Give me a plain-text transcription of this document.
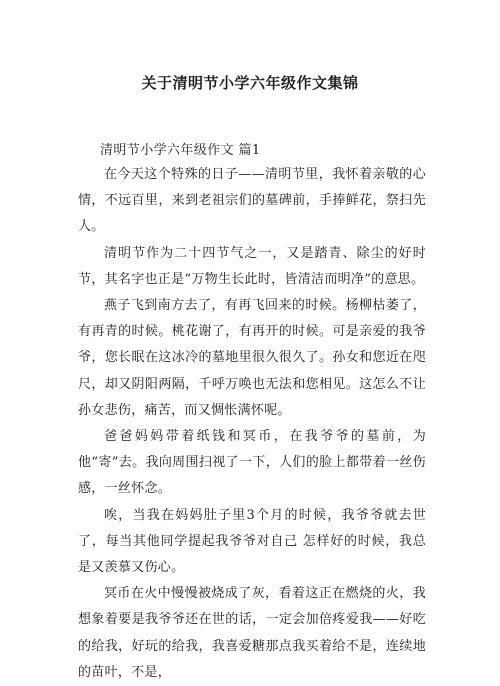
关于清明节小学六年级作文集锦
清明节小学六年级作文 篇1

在今天这个特殊的日子——清明节里，我怀着亲敬的心情，不远百里，来到老祖宗们的墓碑前，手捧鲜花，祭扫先人。

清明节作为二十四节气之一，又是踏青、除尘的好时节，其名字也正是“万物生长此时，皆清洁而明净”的意思。

燕子飞到南方去了，有再飞回来的时候。杨柳枯萎了，有再青的时候。桃花谢了，有再开的时候。可是亲爱的我爷爷，您长眠在这冰冷的墓地里很久很久了。孙女和您近在咫尺，却又阴阳两隔，千呼万唤也无法和您相见。这怎么不让孙女悲伤，痛苦，而又惆怅满怀呢。

爸爸妈妈带着纸钱和冥币，在我爷爷的墓前，为他“寄”去。我向周围扫视了一下，人们的脸上都带着一丝伤感，一丝怀念。

唉，当我在妈妈肚子里3个月的时候，我爷爷就去世了，每当其他同学提起我爷爷对自己 怎样好的时候，我总是又羡慕又伤心。

冥币在火中慢慢被烧成了灰，看着这正在燃烧的火，我想象着要是我爷爷还在世的话，一定会加倍疼爱我——好吃的给我，好玩的给我，我喜爱糖那点我买着给不是，连续地的苗叶，不是，
